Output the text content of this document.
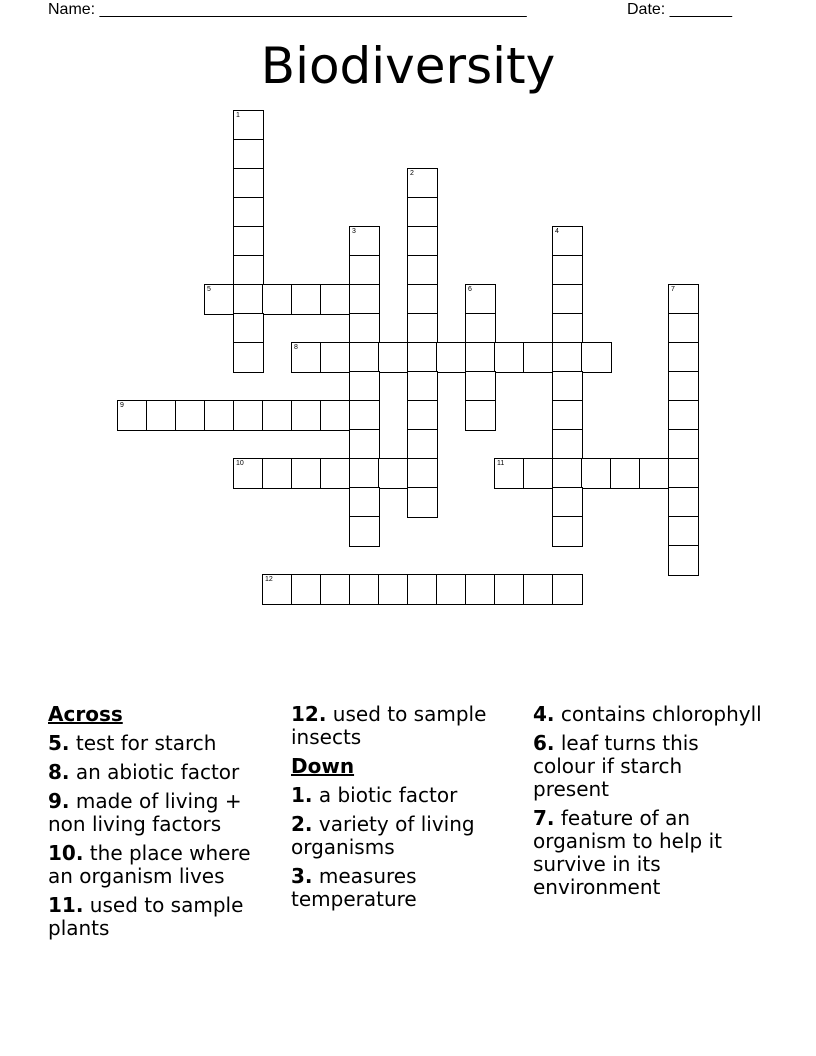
Name: ________________________________________________	Date: _______
Biodiversity
1
2
3	4
5	6	7
8
9
10	11
12
Across
5. test for starch
8. an abiotic factor
9. made of living + non living factors
10. the place where an organism lives
11. used to sample plants
12. used to sample insects
Down
1. a biotic factor
2. variety of living organisms
3. measures temperature
4. contains chlorophyll
6. leaf turns this colour if starch present
7. feature of an organism to help it survive in its environment
